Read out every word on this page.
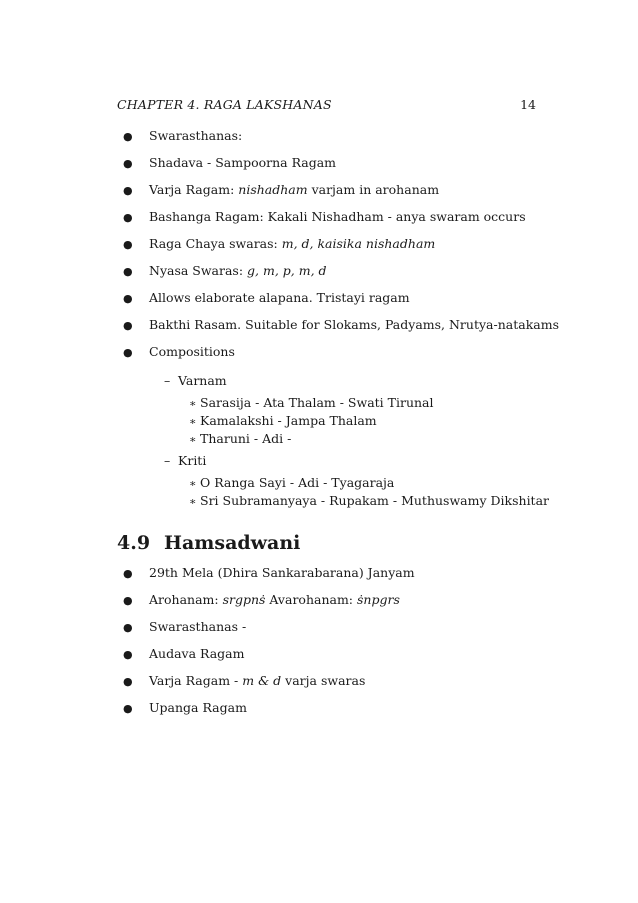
CHAPTER 4. RAGA LAKSHANAS	14
● Swarasthanas:
● Shadava - Sampoorna Ragam
● Varja Ragam: nishadham varjam in arohanam
● Bashanga Ragam: Kakali Nishadham - anya swaram occurs
● Raga Chaya swaras: m, d, kaisika nishadham
● Nyasa Swaras: g, m, p, m, d
● Allows elaborate alapana. Tristayi ragam
● Bakthi Rasam. Suitable for Slokams, Padyams, Nrutya-natakams
● Compositions
– Varnam
∗ Sarasija - Ata Thalam - Swati Tirunal
∗ Kamalakshi - Jampa Thalam
∗ Tharuni - Adi -
– Kriti
∗ O Ranga Sayi - Adi - Tyagaraja
∗ Sri Subramanyaya - Rupakam - Muthuswamy Dikshitar
4.9 Hamsadwani
● 29th Mela (Dhira Sankarabarana) Janyam
● Arohanam: srgpnṡ Avarohanam: ṡnpgrs
● Swarasthanas -
● Audava Ragam
● Varja Ragam - m & d varja swaras
● Upanga Ragam
